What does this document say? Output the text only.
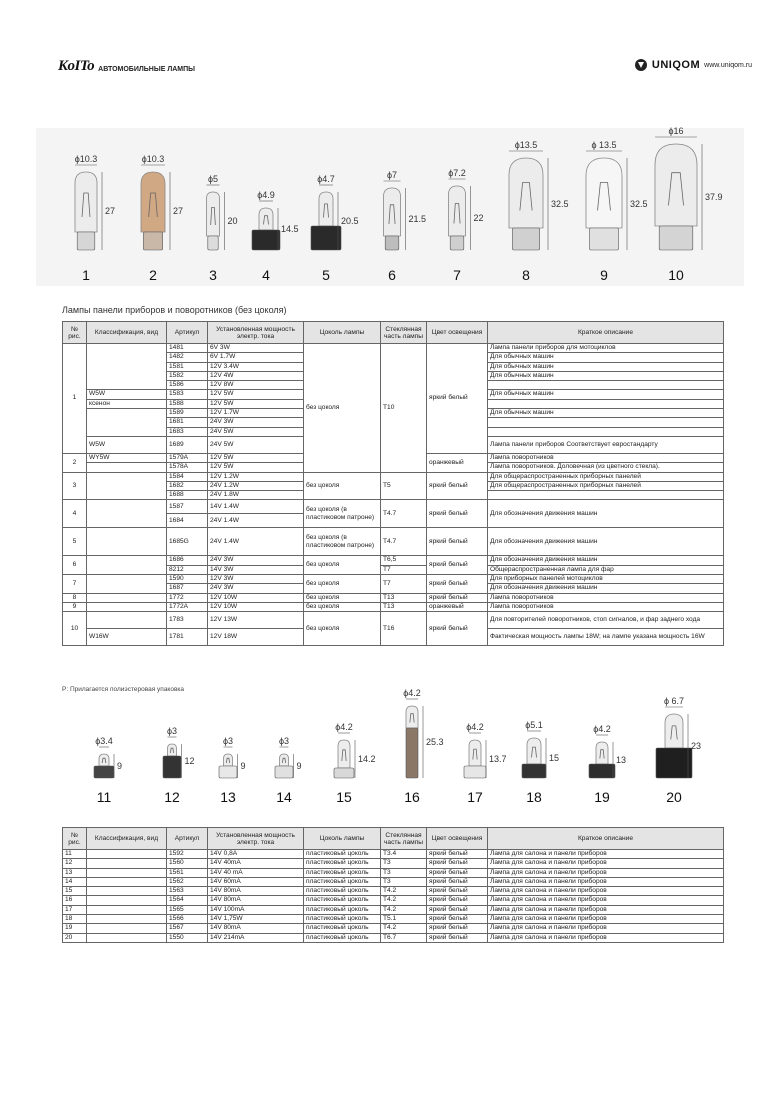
KoITo АВТОМОБИЛЬНЫЕ ЛАМПЫ	UNIQOM www.uniqom.ru
ϕ10.3
27
1
ϕ10.3
27
2
ϕ5
20
3
ϕ4.9
14.5
4
ϕ4.7
20.5
5
ϕ7
21.5
6
ϕ7.2
22
7
ϕ13.5
32.5
8
ϕ 13.5
32.5
9
ϕ16
37.9
10
Лампы панели приборов и поворотников (без цоколя)
№ рис.	Классификация, вид	Артикул	Установленная мощность электр. тока	Цоколь лампы	Стеклянная часть лампы	Цвет освещения	Краткое описание
1		1481	6V 3W	без цоколя	T10	яркий белый	Лампа панели приборов для мотоциклов
		1482	6V 1.7W				Для обычных машин
		1581	12V 3.4W				Для обычных машин
		1582	12V 4W				Для обычных машин
		1586	12V 8W				
	W5W	1583	12V 5W				Для обычных машин
	ксенон	1588	12V 5W				
		1589	12V 1.7W				Для обычных машин
		1681	24V 3W				
		1683	24V 5W				
	W5W	1689	24V 5W				Лампа панели приборов Соответствует евростандарту
2	WY5W	1579A	12V 5W			оранжевый	Лампа поворотников
		1578A	12V 5W				Лампа поворотников. Доловечная (из цветного стекла).
3		1584	12V 1.2W	без цоколя	T5	яркий белый	Для общераспространенных приборных панелей
		1682	24V 1.2W				Для общераспространенных приборных панелей
		1688	24V 1.8W				
4		1587	14V 1.4W	без цоколя (в пластиковом патроне)	T4.7	яркий белый	Для обозначения движения машин
		1684	24V 1.4W				
5		1685G	24V 1.4W	без цоколя (в пластиковом патроне)	T4.7	яркий белый	Для обозначения движения машин
6		1686	24V 3W	без цоколя	T6,5	яркий белый	Для обозначения движения машин
		8212	14V 3W		T7		Общераспространенная лампа для фар
7		1590	12V 3W	без цоколя	T7	яркий белый	Для приборных панелей мотоциклов
		1687	24V 3W				Для обозначения движения машин
8		1772	12V 10W	без цоколя	T13	яркий белый	Лампа поворотников
9		1772A	12V 10W	без цоколя	T13	оранжевый	Лампа поворотников
10		1783	12V 13W	без цоколя	T16	яркий белый	Для повторителей поворотников, стоп сигналов, и фар заднего хода
	W16W	1781	12V 18W				Фактическая мощность лампы 18W; на лампе указана мощность 16W
P: Прилагается полиэстеровая упаковка
ϕ3.4
9
11
ϕ3
12
12
ϕ3
9
13
ϕ3
9
14
ϕ4.2
14.2
15
ϕ4.2
25.3
16
ϕ4.2
13.7
17
ϕ5.1
15
18
ϕ4.2
13
19
ϕ 6.7
23
20
№ рис.	Классификация, вид	Артикул	Установленная мощность электр. тока	Цоколь лампы	Стеклянная часть лампы	Цвет освещения	Краткое описание
11		1592	14V 0,8A	пластиковый цоколь	T3.4	яркий белый	Лампа для салона и панели приборов
12		1560	14V 40mA	пластиковый цоколь	T3	яркий белый	Лампа для салона и панели приборов
13		1561	14V 40 mA	пластиковый цоколь	T3	яркий белый	Лампа для салона и панели приборов
14		1562	14V 60mA	пластиковый цоколь	T3	яркий белый	Лампа для салона и панели приборов
15		1563	14V 80mA	пластиковый цоколь	T4.2	яркий белый	Лампа для салона и панели приборов
16		1564	14V 80mA	пластиковый цоколь	T4.2	яркий белый	Лампа для салона и панели приборов
17		1565	14V 100mA	пластиковый цоколь	T4.2	яркий белый	Лампа для салона и панели приборов
18		1566	14V 1,75W	пластиковый цоколь	T5.1	яркий белый	Лампа для салона и панели приборов
19		1567	14V 80mA	пластиковый цоколь	T4.2	яркий белый	Лампа для салона и панели приборов
20		1550	14V 214mA	пластиковый цоколь	T6.7	яркий белый	Лампа для салона и панели приборов
